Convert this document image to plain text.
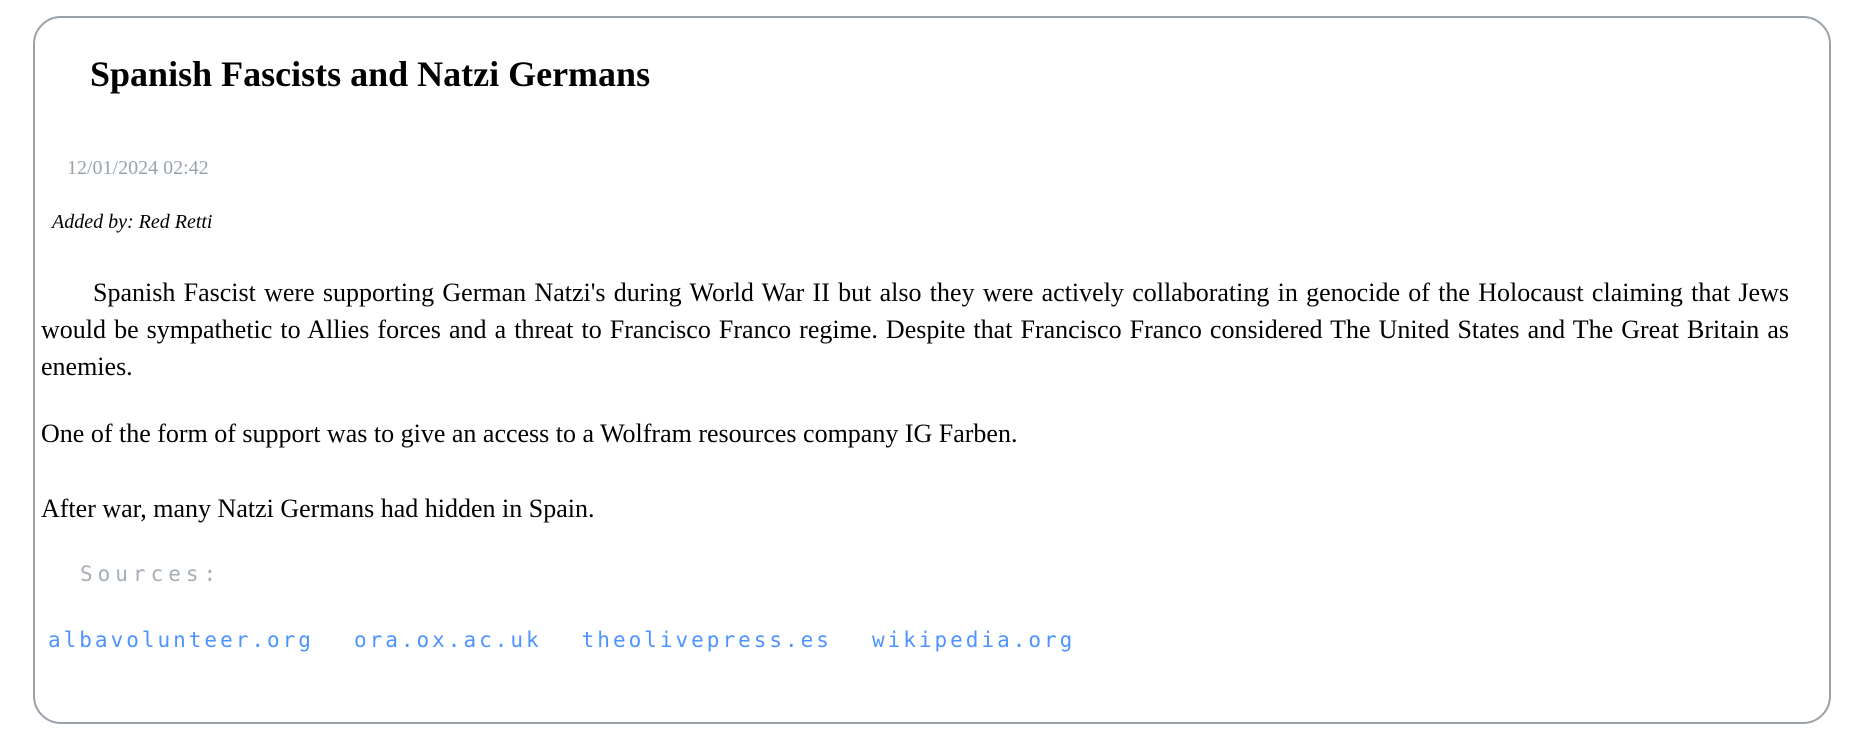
Spanish Fascists and Natzi Germans
12/01/2024 02:42
Added by: Red Retti

Spanish Fascist were supporting German Natzi's during World War II but also they were actively collaborating in genocide of the Holocaust claiming that Jews would be sympathetic to Allies forces and a threat to Francisco Franco regime. Despite that Francisco Franco considered The United States and The Great Britain as enemies.

One of the form of support was to give an access to a Wolfram resources company IG Farben.

After war, many Natzi Germans had hidden in Spain.

Sources:
albavolunteer.org ora.ox.ac.uk theolivepress.es wikipedia.org
